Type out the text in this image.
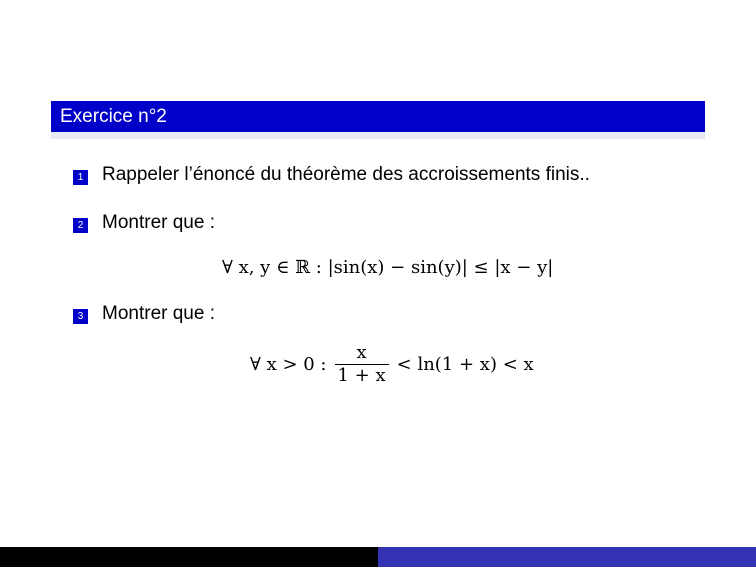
Exercice n°2
1 Rappeler l’énoncé du théorème des accroissements finis..
2 Montrer que :
∀ x, y ∈ ℝ : |sin(x) − sin(y)| ≤ |x − y|
3 Montrer que :
∀ x > 0 : $\frac{x}{1 + x} < \ln(1 + x) < x$
